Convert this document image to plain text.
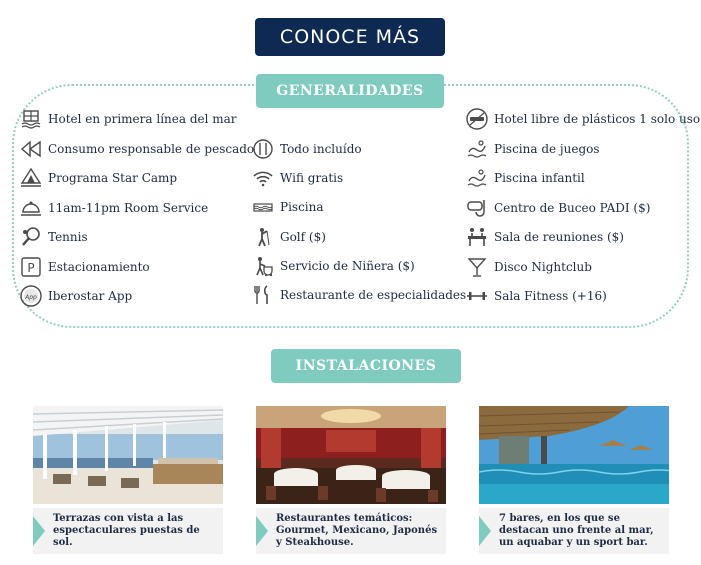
CONOCE MÁS
GENERALIDADES
Hotel en primera línea del mar
Consumo responsable de pescado
Programa Star Camp
11am-11pm Room Service
Tennis
P Estacionamiento
App Iberostar App
Todo incluído
Wifi gratis
Piscina
Golf ($)
Servicio de Niñera ($)
Restaurante de especialidades
Hotel libre de plásticos 1 solo uso
Piscina de juegos
Piscina infantil
Centro de Buceo PADI ($)
Sala de reuniones ($)
Disco Nightclub
Sala Fitness (+16)
INSTALACIONES
Terrazas con vista a las espectaculares puestas de sol.
Restaurantes temáticos: Gourmet, Mexicano, Japonés y Steakhouse.
7 bares, en los que se destacan uno frente al mar, un aquabar y un sport bar.
